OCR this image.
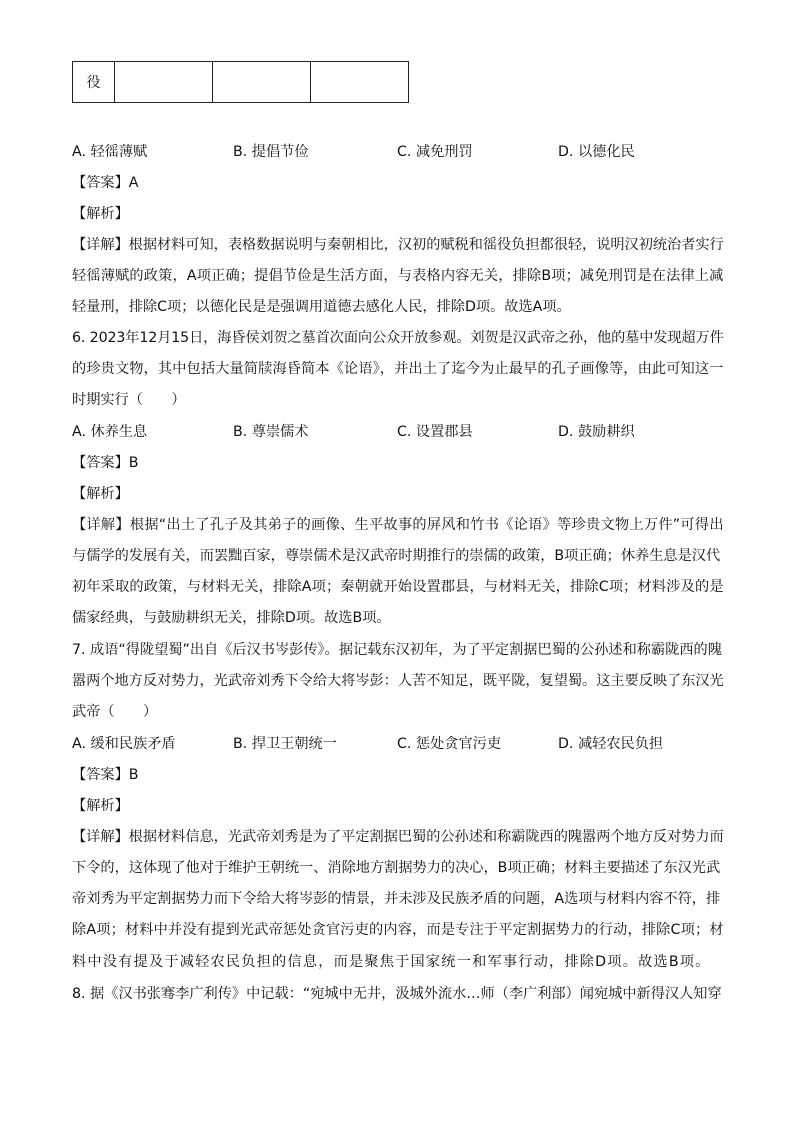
役			
A. 轻徭薄赋	B. 提倡节俭	C. 减免刑罚	D. 以德化民
【答案】A
【解析】
【详解】根据材料可知，表格数据说明与秦朝相比，汉初的赋税和徭役负担都很轻，说明汉初统治者实行
轻徭薄赋的政策，A项正确；提倡节俭是生活方面，与表格内容无关，排除B项；减免刑罚是在法律上减
轻量刑，排除C项；以德化民是是强调用道德去感化人民，排除D项。故选A项。
6. 2023年12月15日，海昏侯刘贺之墓首次面向公众开放参观。刘贺是汉武帝之孙，他的墓中发现超万件
的珍贵文物，其中包括大量简牍海昏简本《论语》，并出土了迄今为止最早的孔子画像等，由此可知这一
时期实行（　　）
A. 休养生息	B. 尊崇儒术	C. 设置郡县	D. 鼓励耕织
【答案】B
【解析】
【详解】根据“出土了孔子及其弟子的画像、生平故事的屏风和竹书《论语》等珍贵文物上万件”可得出
与儒学的发展有关，而罢黜百家，尊崇儒术是汉武帝时期推行的崇儒的政策，B项正确；休养生息是汉代
初年采取的政策，与材料无关，排除A项；秦朝就开始设置郡县，与材料无关，排除C项；材料涉及的是
儒家经典，与鼓励耕织无关，排除D项。故选B项。
7. 成语“得陇望蜀”出自《后汉书岑彭传》。据记载东汉初年，为了平定割据巴蜀的公孙述和称霸陇西的隗
嚣两个地方反对势力，光武帝刘秀下令给大将岑彭：人苦不知足，既平陇，复望蜀。这主要反映了东汉光
武帝（　　）
A. 缓和民族矛盾	B. 捍卫王朝统一	C. 惩处贪官污吏	D. 减轻农民负担
【答案】B
【解析】
【详解】根据材料信息，光武帝刘秀是为了平定割据巴蜀的公孙述和称霸陇西的隗嚣两个地方反对势力而
下令的，这体现了他对于维护王朝统一、消除地方割据势力的决心，B项正确；材料主要描述了东汉光武
帝刘秀为平定割据势力而下令给大将岑彭的情景，并未涉及民族矛盾的问题，A选项与材料内容不符，排
除A项；材料中并没有提到光武帝惩处贪官污吏的内容，而是专注于平定割据势力的行动，排除C项；材
料中没有提及于减轻农民负担的信息，而是聚焦于国家统一和军事行动，排除D项。故选B项。
8. 据《汉书张骞李广利传》中记载：“宛城中无井，汲城外流水…师（李广利部）闻宛城中新得汉人知穿
